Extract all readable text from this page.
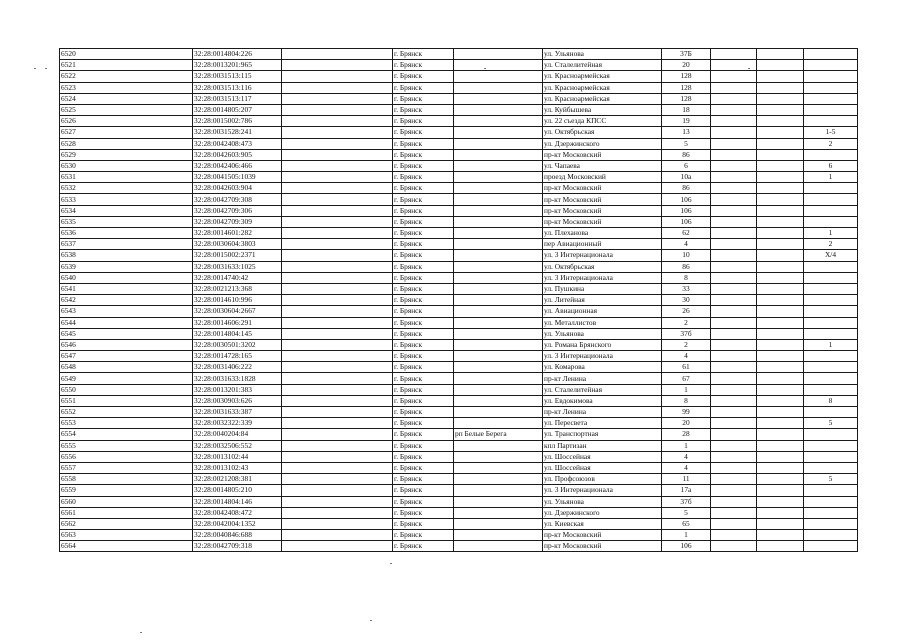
6520	32:28:0014804:226		г. Брянск		ул. Ульянова	37Б			
6521	32:28:0013201:965		г. Брянск		ул. Сталелитейная	20			
6522	32:28:0031513:115		г. Брянск		ул. Красноармейская	128			
6523	32:28:0031513:116		г. Брянск		ул. Красноармейская	128			
6524	32:28:0031513:117		г. Брянск		ул. Красноармейская	128			
6525	32:28:0014805:207		г. Брянск		ул. Куйбышева	18			
6526	32:28:0015002:786		г. Брянск		ул. 22 съезда КПСС	19			
6527	32:28:0031528:241		г. Брянск		ул. Октябрьская	13			1-5
6528	32:28:0042408:473		г. Брянск		ул. Дзержинского	5			2
6529	32:28:0042603:905		г. Брянск		пр-кт Московский	86			
6530	32:28:0042406:466		г. Брянск		ул. Чапаева	6			6
6531	32:28:0041505:1039		г. Брянск		проезд Московский	10а			1
6532	32:28:0042603:904		г. Брянск		пр-кт Московский	86			
6533	32:28:0042709:308		г. Брянск		пр-кт Московский	106			
6534	32:28:0042709:306		г. Брянск		пр-кт Московский	106			
6535	32:28:0042709:309		г. Брянск		пр-кт Московский	106			
6536	32:28:0014601:282		г. Брянск		ул. Плеханова	62			1
6537	32:28:0030604:3803		г. Брянск		пер Авиационный	4			2
6538	32:28:0015002:2371		г. Брянск		ул. 3 Интернационала	10			Х/4
6539	32:28:0031633:1025		г. Брянск		ул. Октябрьская	86			
6540	32:28:0014740:42		г. Брянск		ул. 3 Интернационала	8			
6541	32:28:0021213:368		г. Брянск		ул. Пушкина	33			
6542	32:28:0014610:996		г. Брянск		ул. Литейная	30			
6543	32:28:0030604:2667		г. Брянск		ул. Авиационная	26			
6544	32:28:0014606:291		г. Брянск		ул. Металлистов	2			
6545	32:28:0014804:145		г. Брянск		ул. Ульянова	37б			
6546	32:28:0030501:3202		г. Брянск		ул. Романа Брянского	2			1
6547	32:28:0014728:165		г. Брянск		ул. 3 Интернационала	4			
6548	32:28:0031406:222		г. Брянск		ул. Комарова	61			
6549	32:28:0031633:1828		г. Брянск		пр-кт Ленина	67			
6550	32:28:0013201:383		г. Брянск		ул. Сталелитейная	1			
6551	32:28:0030903:626		г. Брянск		ул. Евдокимова	8			8
6552	32:28:0031633:387		г. Брянск		пр-кт Ленина	99			
6553	32:28:0032322:339		г. Брянск		ул. Пересвета	20			5
6554	32:28:0040204:84		г. Брянск	рп Белые Берега	ул. Транспортная	28			
6555	32:28:0032506:552		г. Брянск		кпл Партизан	1			
6556	32:28:0013102:44		г. Брянск		ул. Шоссейная	4			
6557	32:28:0013102:43		г. Брянск		ул. Шоссейная	4			
6558	32:28:0021208:381		г. Брянск		ул. Профсоюзов	11			5
6559	32:28:0014805:210		г. Брянск		ул. 3 Интернационала	17а			
6560	32:28:0014804:146		г. Брянск		ул. Ульянова	37б			
6561	32:28:0042408:472		г. Брянск		ул. Дзержинского	5			
6562	32:28:0042004:1352		г. Брянск		ул. Киевская	65			
6563	32:28:0040846:688		г. Брянск		пр-кт Московский	1			
6564	32:28:0042709:318		г. Брянск		пр-кт Московский	106			
